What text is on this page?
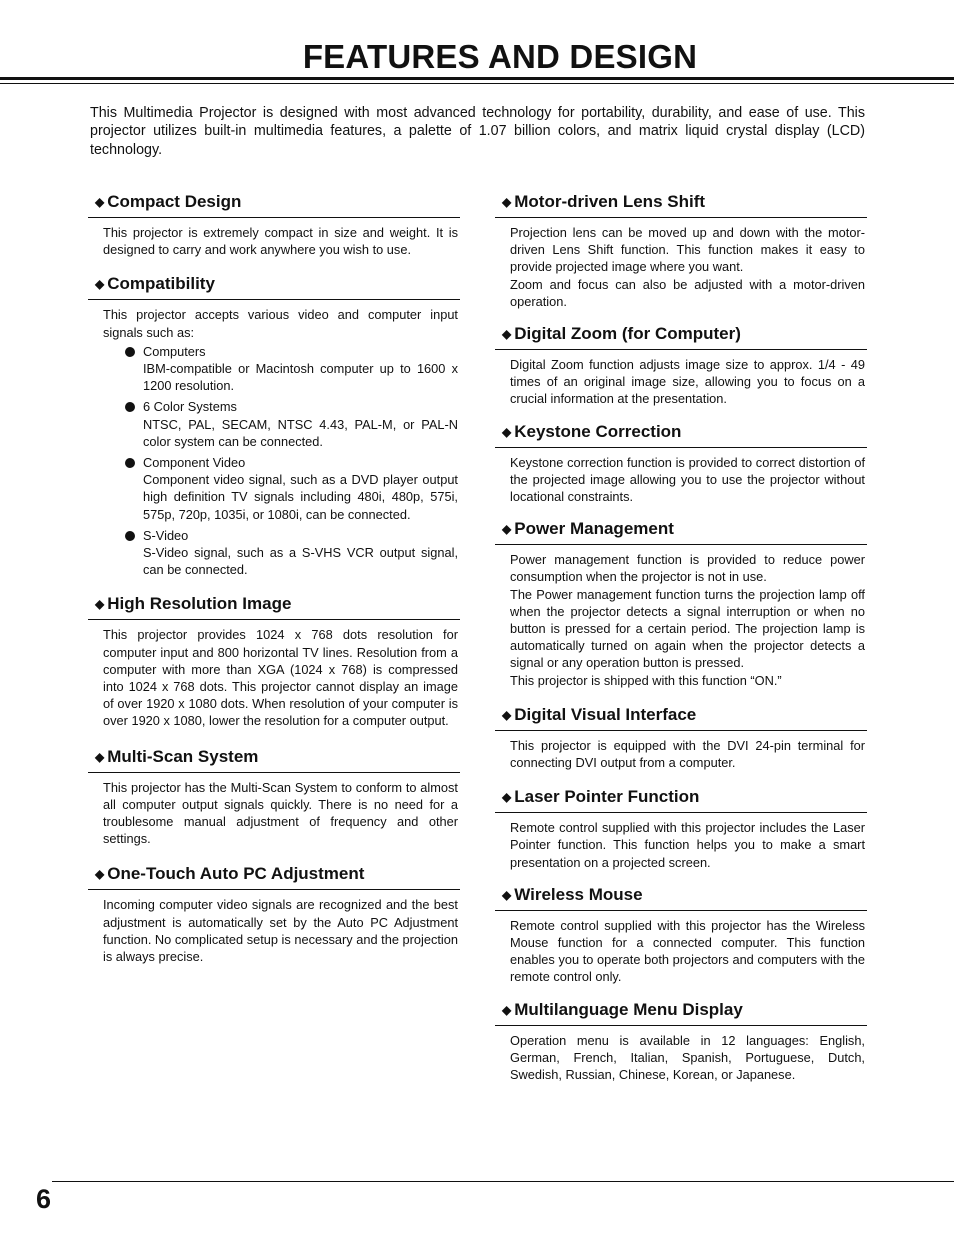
FEATURES AND DESIGN
This Multimedia Projector is designed with most advanced technology for portability, durability, and ease of use. This projector utilizes built-in multimedia features, a palette of 1.07 billion colors, and matrix liquid crystal display (LCD) technology.
◆ Compact Design

This projector is extremely compact in size and weight. It is designed to carry and work anywhere you wish to use.

◆ Compatibility

This projector accepts various video and computer input signals such as:

Computers
IBM-compatible or Macintosh computer up to 1600 x 1200 resolution.
6 Color Systems
NTSC, PAL, SECAM, NTSC 4.43, PAL-M, or PAL-N color system can be connected.
Component Video
Component video signal, such as a DVD player output high definition TV signals including 480i, 480p, 575i, 575p, 720p, 1035i, or 1080i, can be connected.
S-Video
S-Video signal, such as a S-VHS VCR output signal, can be connected.
◆ High Resolution Image

This projector provides 1024 x 768 dots resolution for computer input and 800 horizontal TV lines. Resolution from a computer with more than XGA (1024 x 768) is compressed into 1024 x 768 dots. This projector cannot display an image of over 1920 x 1080 dots. When resolution of your computer is over 1920 x 1080, lower the resolution for a computer output.

◆ Multi-Scan System

This projector has the Multi-Scan System to conform to almost all computer output signals quickly. There is no need for a troublesome manual adjustment of frequency and other settings.

◆ One-Touch Auto PC Adjustment

Incoming computer video signals are recognized and the best adjustment is automatically set by the Auto PC Adjustment function. No complicated setup is necessary and the projection is always precise.

◆ Motor-driven Lens Shift

Projection lens can be moved up and down with the motor-driven Lens Shift function. This function makes it easy to provide projected image where you want.

Zoom and focus can also be adjusted with a motor-driven operation.

◆ Digital Zoom (for Computer)

Digital Zoom function adjusts image size to approx. 1/4 - 49 times of an original image size, allowing you to focus on a crucial information at the presentation.

◆ Keystone Correction

Keystone correction function is provided to correct distortion of the projected image allowing you to use the projector without locational constraints.

◆ Power Management

Power management function is provided to reduce power consumption when the projector is not in use.

The Power management function turns the projection lamp off when the projector detects a signal interruption or when no button is pressed for a certain period. The projection lamp is automatically turned on again when the projector detects a signal or any operation button is pressed.

This projector is shipped with this function “ON.”

◆ Digital Visual Interface

This projector is equipped with the DVI 24-pin terminal for connecting DVI output from a computer.

◆ Laser Pointer Function

Remote control supplied with this projector includes the Laser Pointer function. This function helps you to make a smart presentation on a projected screen.

◆ Wireless Mouse

Remote control supplied with this projector has the Wireless Mouse function for a connected computer. This function enables you to operate both projectors and computers with the remote control only.

◆ Multilanguage Menu Display

Operation menu is available in 12 languages: English, German, French, Italian, Spanish, Portuguese, Dutch, Swedish, Russian, Chinese, Korean, or Japanese.

6
